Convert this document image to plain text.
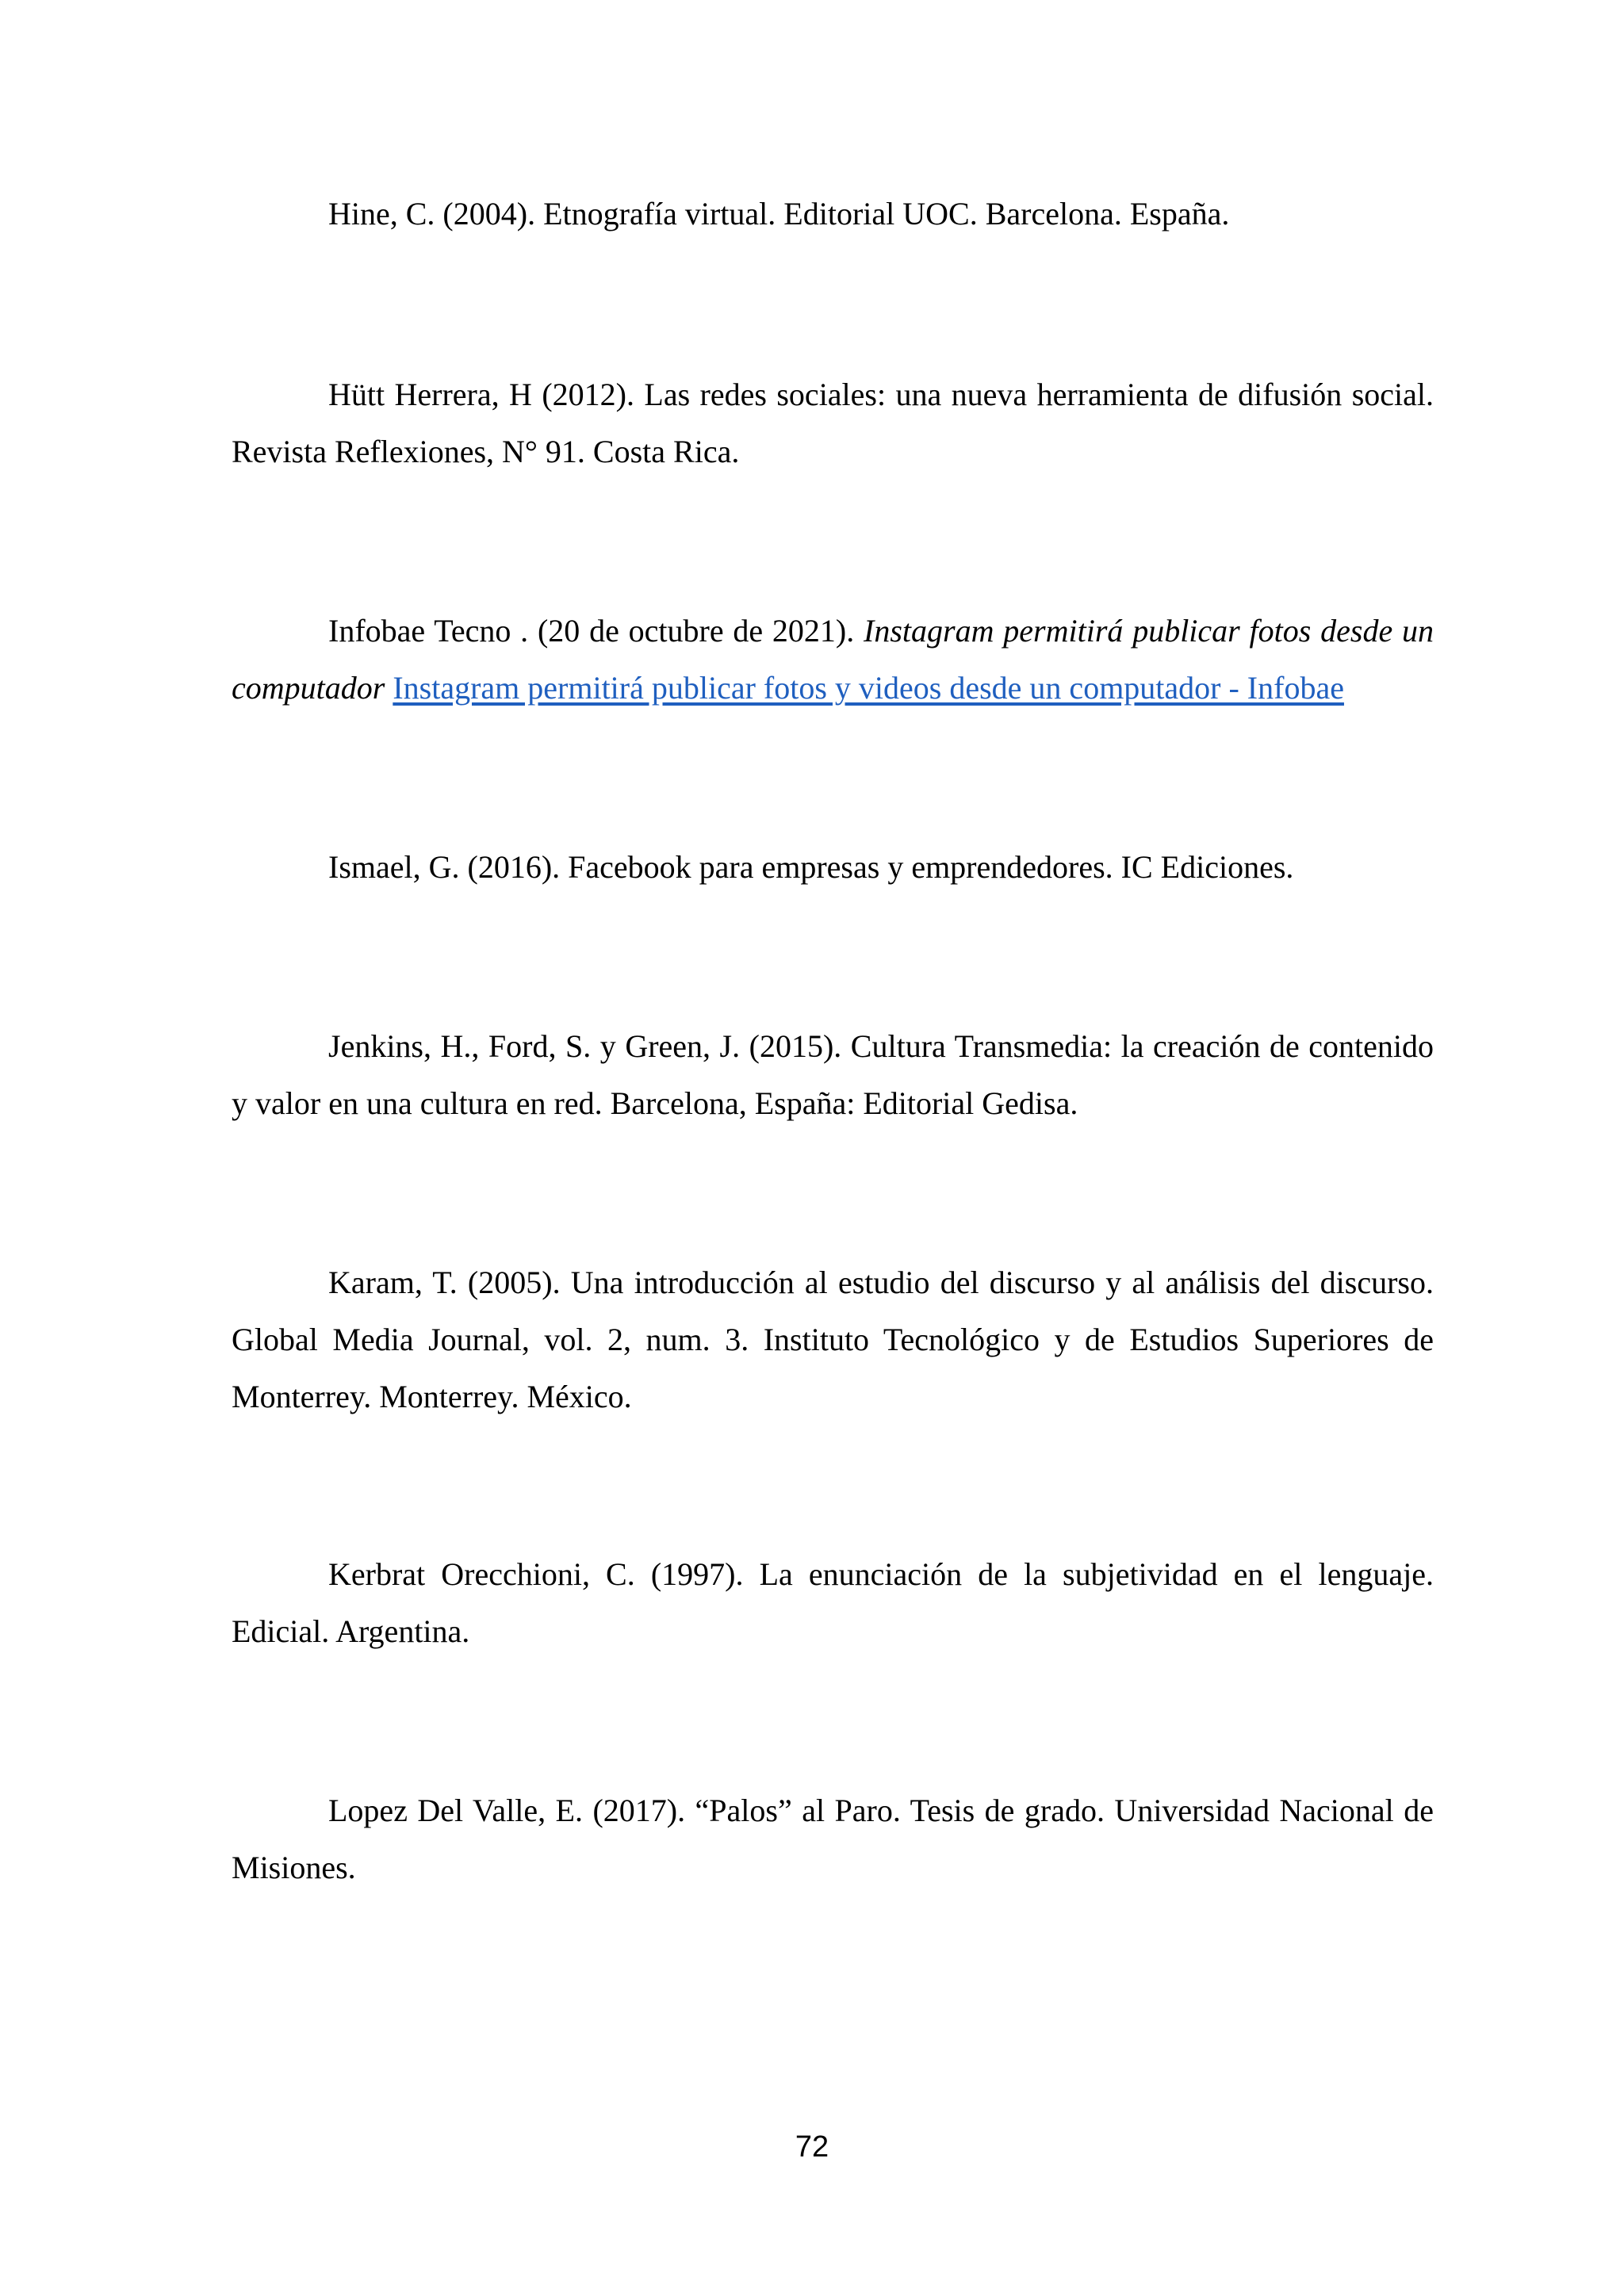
Hine, C. (2004). Etnografía virtual. Editorial UOC. Barcelona. España.

Hütt Herrera, H (2012). Las redes sociales: una nueva herramienta de difusión social. Revista Reflexiones, N° 91. Costa Rica.

Infobae Tecno . (20 de octubre de 2021). Instagram permitirá publicar fotos desde un computador Instagram permitirá publicar fotos y videos desde un computador - Infobae

Ismael, G. (2016). Facebook para empresas y emprendedores. IC Ediciones.

Jenkins, H., Ford, S. y Green, J. (2015). Cultura Transmedia: la creación de contenido y valor en una cultura en red. Barcelona, España: Editorial Gedisa.

Karam, T. (2005). Una introducción al estudio del discurso y al análisis del discurso. Global Media Journal, vol. 2, num. 3. Instituto Tecnológico y de Estudios Superiores de Monterrey. Monterrey. México.

Kerbrat Orecchioni, C. (1997). La enunciación de la subjetividad en el lenguaje. Edicial. Argentina.

Lopez Del Valle, E. (2017). “Palos” al Paro. Tesis de grado. Universidad Nacional de Misiones.

72
